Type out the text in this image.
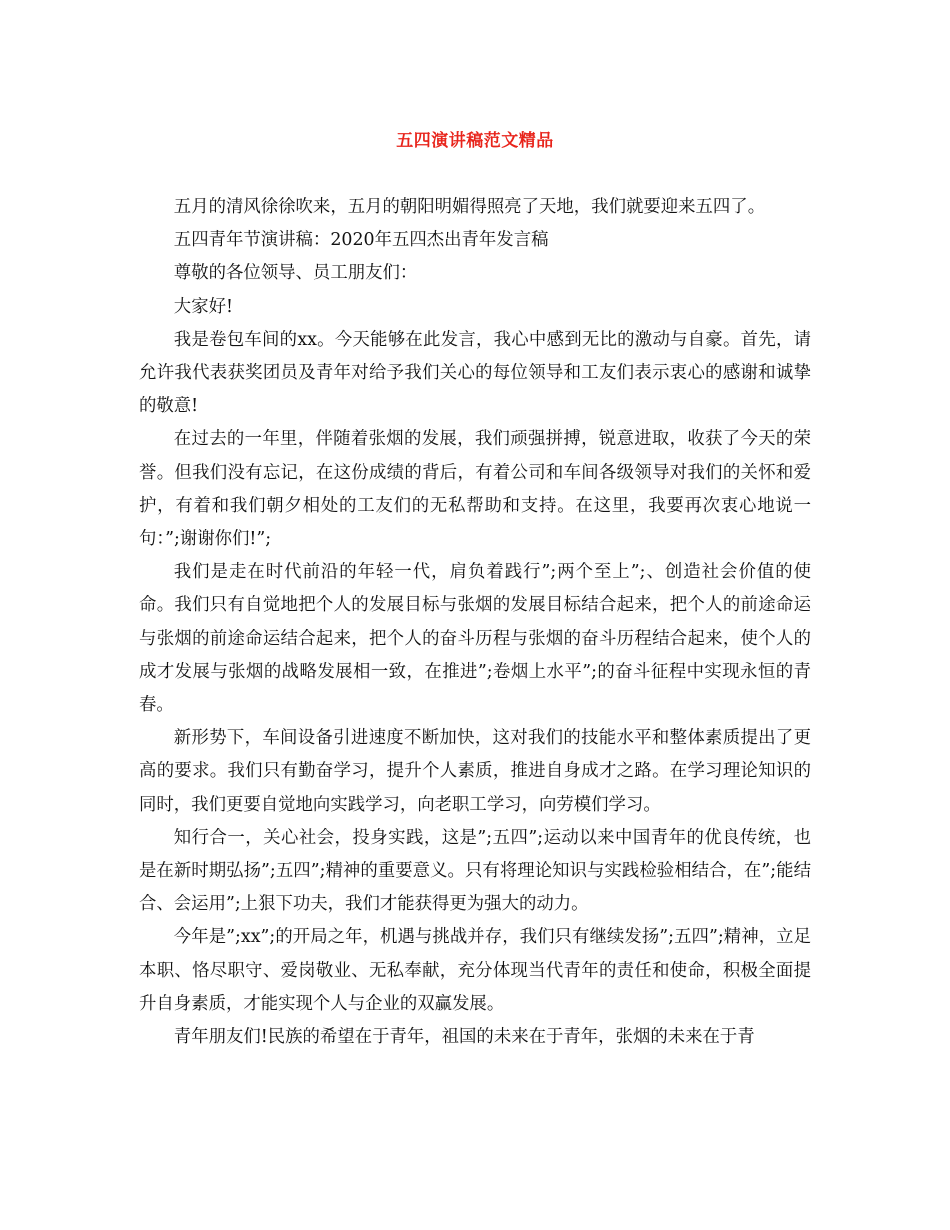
五四演讲稿范文精品

五月的清风徐徐吹来，五月的朝阳明媚得照亮了天地，我们就要迎来五四了。

五四青年节演讲稿：2020年五四杰出青年发言稿

尊敬的各位领导、员工朋友们：

大家好!

我是卷包车间的xx。今天能够在此发言，我心中感到无比的激动与自豪。首先，请允许我代表获奖团员及青年对给予我们关心的每位领导和工友们表示衷心的感谢和诚挚的敬意!

在过去的一年里，伴随着张烟的发展，我们顽强拼搏，锐意进取，收获了今天的荣誉。但我们没有忘记，在这份成绩的背后，有着公司和车间各级领导对我们的关怀和爱护，有着和我们朝夕相处的工友们的无私帮助和支持。在这里，我要再次衷心地说一句：”;谢谢你们!”;

我们是走在时代前沿的年轻一代，肩负着践行”;两个至上”;、创造社会价值的使命。我们只有自觉地把个人的发展目标与张烟的发展目标结合起来，把个人的前途命运与张烟的前途命运结合起来，把个人的奋斗历程与张烟的奋斗历程结合起来，使个人的成才发展与张烟的战略发展相一致，在推进”;卷烟上水平”;的奋斗征程中实现永恒的青春。

新形势下，车间设备引进速度不断加快，这对我们的技能水平和整体素质提出了更高的要求。我们只有勤奋学习，提升个人素质，推进自身成才之路。在学习理论知识的同时，我们更要自觉地向实践学习，向老职工学习，向劳模们学习。

知行合一，关心社会，投身实践，这是”;五四”;运动以来中国青年的优良传统，也是在新时期弘扬”;五四”;精神的重要意义。只有将理论知识与实践检验相结合，在”;能结合、会运用”;上狠下功夫，我们才能获得更为强大的动力。

今年是”;xx”;的开局之年，机遇与挑战并存，我们只有继续发扬”;五四”;精神，立足本职、恪尽职守、爱岗敬业、无私奉献，充分体现当代青年的责任和使命，积极全面提升自身素质，才能实现个人与企业的双赢发展。

青年朋友们!民族的希望在于青年，祖国的未来在于青年，张烟的未来在于青
